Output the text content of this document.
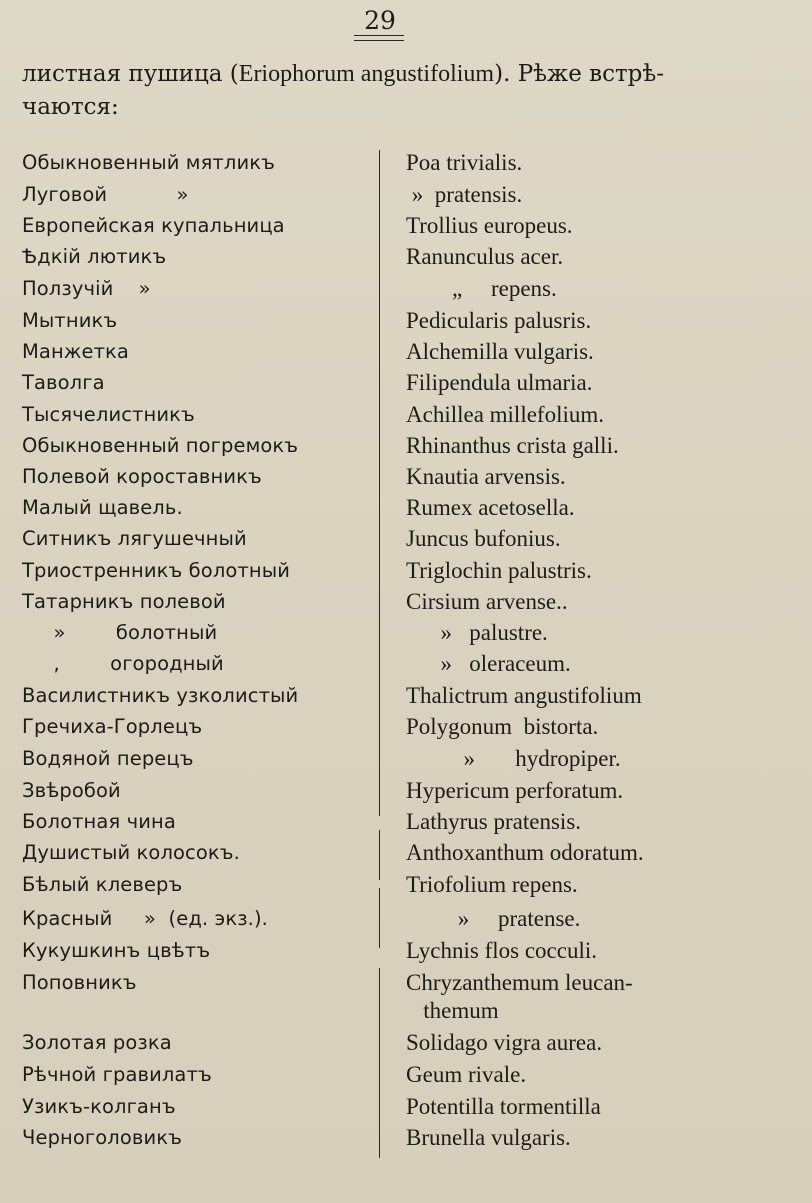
29

листная пушица (Eriophorum angustifolium). Рѣже встрѣ-
чаются:

Обыкновенный мятликъ	Poa trivialis.
Луговой           »	»  pratensis.
Европейская купальница	Trollius europeus.
Ѣдкій лютикъ	Ranunculus acer.
Ползучій    »	„     repens.
Мытникъ	Pedicularis palusris.
Манжетка	Alchemilla vulgaris.
Таволга	Filipendula ulmaria.
Тысячелистникъ	Achillea millefolium.
Обыкновенный погремокъ	Rhinanthus crista galli.
Полевой короставникъ	Knautia arvensis.
Малый щавель.	Rumex acetosella.
Ситникъ лягушечный	Juncus bufonius.
Триостренникъ болотный	Triglochin palustris.
Татарникъ полевой	Cirsium arvense..
»        болотный	»   palustre.
,        огородный	»   oleraceum.
Василистникъ узколистый	Thalictrum angustifolium
Гречиха-Горлецъ	Polygonum  bistorta.
Водяной перецъ	»       hydropiper.
Звѣробой	Hypericum perforatum.
Болотная чина	Lathyrus pratensis.
Душистый колосокъ.	Anthoxanthum odoratum.
Бѣлый клеверъ	Triofolium repens.
Красный     »  (ед. экз.).	»     pratense.
Кукушкинъ цвѣтъ	Lychnis flos cocculi.
Поповникъ	Chryzanthemum leucan-
themum
Золотая розка	Solidago vigra aurea.
Рѣчной гравилатъ	Geum rivale.
Узикъ-колганъ	Potentilla tormentilla
Черноголовикъ	Brunella vulgaris.
